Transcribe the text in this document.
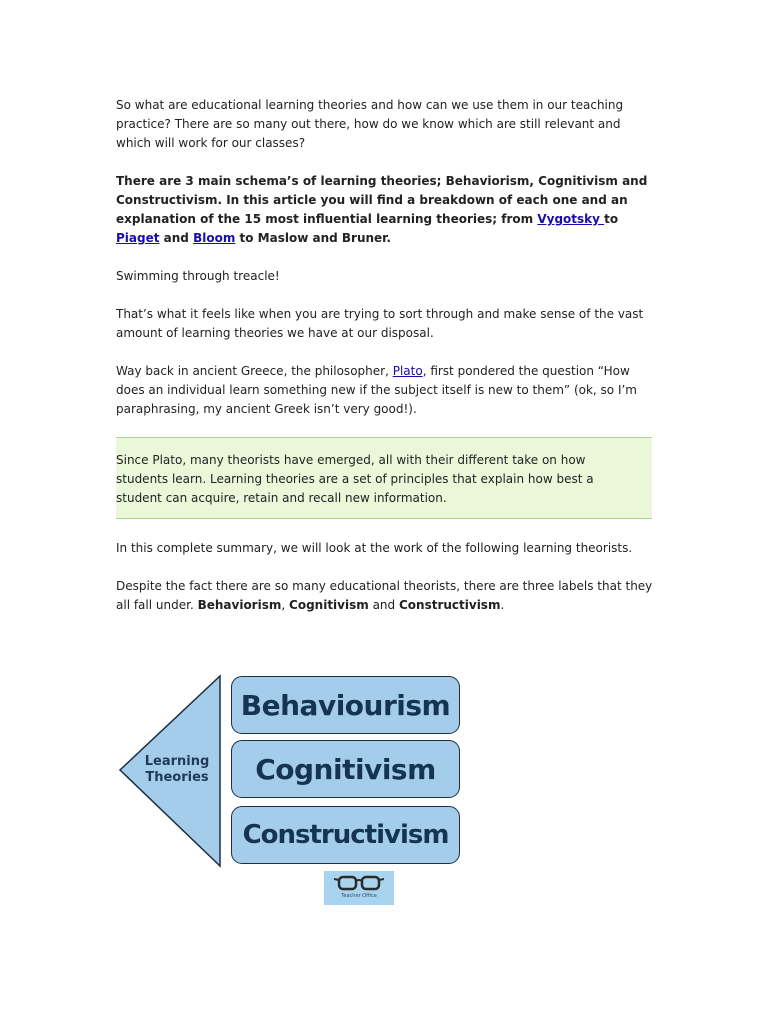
So what are educational learning theories and how can we use them in our teaching practice? There are so many out there, how do we know which are still relevant and which will work for our classes?

There are 3 main schema’s of learning theories; Behaviorism, Cognitivism and Constructivism. In this article you will find a breakdown of each one and an explanation of the 15 most influential learning theories; from Vygotsky to Piaget and Bloom to Maslow and Bruner.

Swimming through treacle!

That’s what it feels like when you are trying to sort through and make sense of the vast amount of learning theories we have at our disposal.

Way back in ancient Greece, the philosopher, Plato, first pondered the question “How does an individual learn something new if the subject itself is new to them” (ok, so I’m paraphrasing, my ancient Greek isn’t very good!).

Since Plato, many theorists have emerged, all with their different take on how students learn. Learning theories are a set of principles that explain how best a student can acquire, retain and recall new information.

In this complete summary, we will look at the work of the following learning theorists.

Despite the fact there are so many educational theorists, there are three labels that they all fall under. Behaviorism, Cognitivism and Constructivism.

Learning
Theories
Behaviourism
Cognitivism
Constructivism
Teacher Office
